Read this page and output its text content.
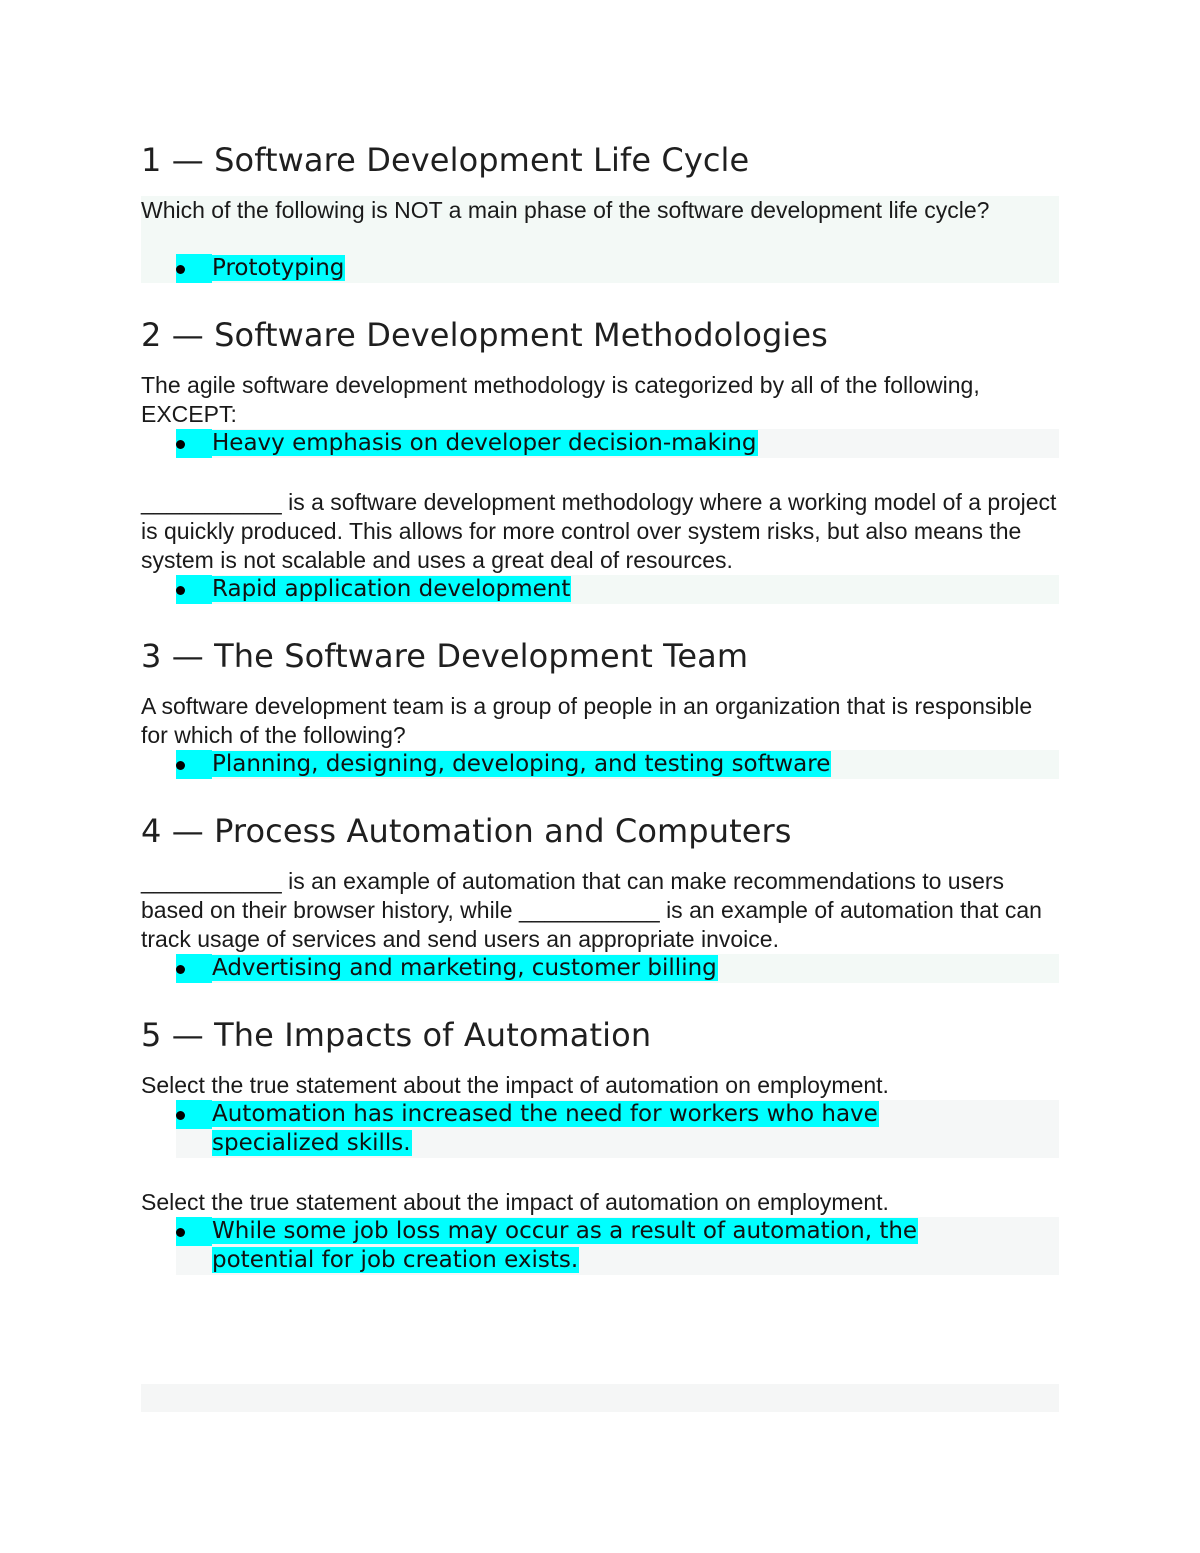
1 — Software Development Life Cycle

Which of the following is NOT a main phase of the software development life cycle?

Prototyping
2 — Software Development Methodologies

The agile software development methodology is categorized by all of the following, EXCEPT:

Heavy emphasis on developer decision-making

___________ is a software development methodology where a working model of a project is quickly produced. This allows for more control over system risks, but also means the system is not scalable and uses a great deal of resources.

Rapid application development
3 — The Software Development Team

A software development team is a group of people in an organization that is responsible for which of the following?

Planning, designing, developing, and testing software
4 — Process Automation and Computers

___________ is an example of automation that can make recommendations to users based on their browser history, while ___________ is an example of automation that can track usage of services and send users an appropriate invoice.

Advertising and marketing, customer billing
5 — The Impacts of Automation

Select the true statement about the impact of automation on employment.

Automation has increased the need for workers who have specialized skills.

Select the true statement about the impact of automation on employment.

While some job loss may occur as a result of automation, the potential for job creation exists.
